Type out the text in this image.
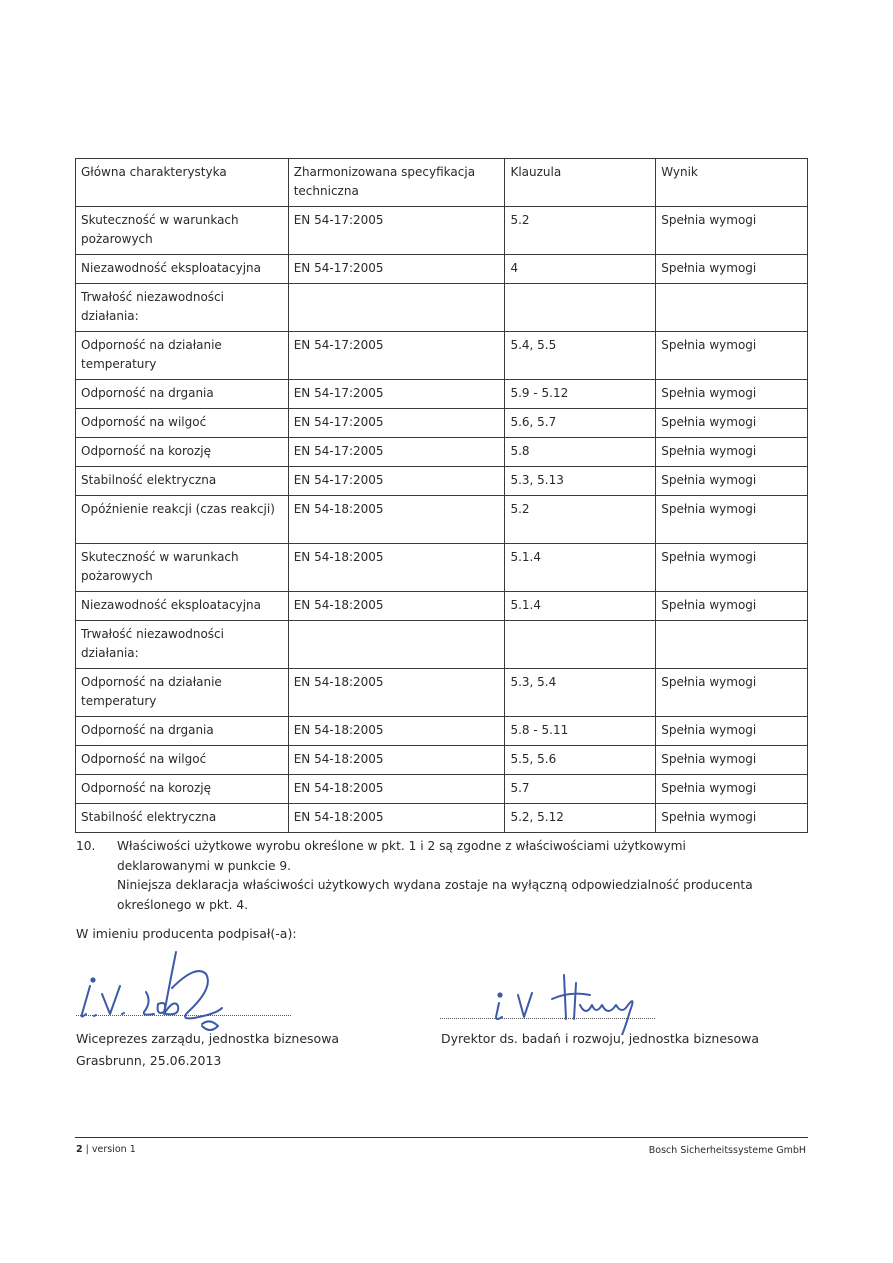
Główna charakterystyka	Zharmonizowana specyfikacja techniczna	Klauzula	Wynik
Skuteczność w warunkach pożarowych	EN 54-17:2005	5.2	Spełnia wymogi
Niezawodność eksploatacyjna	EN 54-17:2005	4	Spełnia wymogi
Trwałość niezawodności działania:			
Odporność na działanie temperatury	EN 54-17:2005	5.4, 5.5	Spełnia wymogi
Odporność na drgania	EN 54-17:2005	5.9 - 5.12	Spełnia wymogi
Odporność na wilgoć	EN 54-17:2005	5.6, 5.7	Spełnia wymogi
Odporność na korozję	EN 54-17:2005	5.8	Spełnia wymogi
Stabilność elektryczna	EN 54-17:2005	5.3, 5.13	Spełnia wymogi
Opóźnienie reakcji (czas reakcji)	EN 54-18:2005	5.2	Spełnia wymogi
Skuteczność w warunkach pożarowych	EN 54-18:2005	5.1.4	Spełnia wymogi
Niezawodność eksploatacyjna	EN 54-18:2005	5.1.4	Spełnia wymogi
Trwałość niezawodności działania:			
Odporność na działanie temperatury	EN 54-18:2005	5.3, 5.4	Spełnia wymogi
Odporność na drgania	EN 54-18:2005	5.8 - 5.11	Spełnia wymogi
Odporność na wilgoć	EN 54-18:2005	5.5, 5.6	Spełnia wymogi
Odporność na korozję	EN 54-18:2005	5.7	Spełnia wymogi
Stabilność elektryczna	EN 54-18:2005	5.2, 5.12	Spełnia wymogi
10. Właściwości użytkowe wyrobu określone w pkt. 1 i 2 są zgodne z właściwościami użytkowymi
deklarowanymi w punkcie 9.
Niniejsza deklaracja właściwości użytkowych wydana zostaje na wyłączną odpowiedzialność producenta
określonego w pkt. 4.
W imieniu producenta podpisał(-a):
Wiceprezes zarządu, jednostka biznesowa
Grasbrunn, 25.06.2013
Dyrektor ds. badań i rozwoju, jednostka biznesowa
2 | version 1	Bosch Sicherheitssysteme GmbH
